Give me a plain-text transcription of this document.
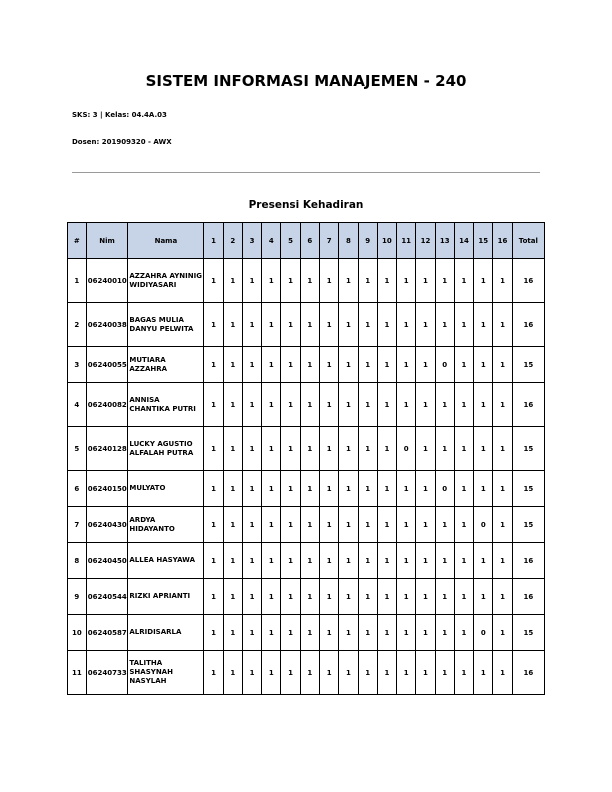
SISTEM INFORMASI MANAJEMEN - 240
SKS: 3 | Kelas: 04.4A.03
Dosen: 201909320 - AWX
Presensi Kehadiran
#	Nim	Nama	1	2	3	4	5	6	7	8	9	10	11	12	13	14	15	16	Total
1	06240010	AZZAHRA AYNINIG WIDIYASARI	1	1	1	1	1	1	1	1	1	1	1	1	1	1	1	1	16
2	06240038	BAGAS MULIA DANYU PELWITA	1	1	1	1	1	1	1	1	1	1	1	1	1	1	1	1	16
3	06240055	MUTIARA AZZAHRA	1	1	1	1	1	1	1	1	1	1	1	1	0	1	1	1	15
4	06240082	ANNISA CHANTIKA PUTRI	1	1	1	1	1	1	1	1	1	1	1	1	1	1	1	1	16
5	06240128	LUCKY AGUSTIO ALFALAH PUTRA	1	1	1	1	1	1	1	1	1	1	0	1	1	1	1	1	15
6	06240150	MULYATO	1	1	1	1	1	1	1	1	1	1	1	1	0	1	1	1	15
7	06240430	ARDYA HIDAYANTO	1	1	1	1	1	1	1	1	1	1	1	1	1	1	0	1	15
8	06240450	ALLEA HASYAWA	1	1	1	1	1	1	1	1	1	1	1	1	1	1	1	1	16
9	06240544	RIZKI APRIANTI	1	1	1	1	1	1	1	1	1	1	1	1	1	1	1	1	16
10	06240587	ALRIDISARLA	1	1	1	1	1	1	1	1	1	1	1	1	1	1	0	1	15
11	06240733	TALITHA SHASYNAH NASYLAH	1	1	1	1	1	1	1	1	1	1	1	1	1	1	1	1	16
